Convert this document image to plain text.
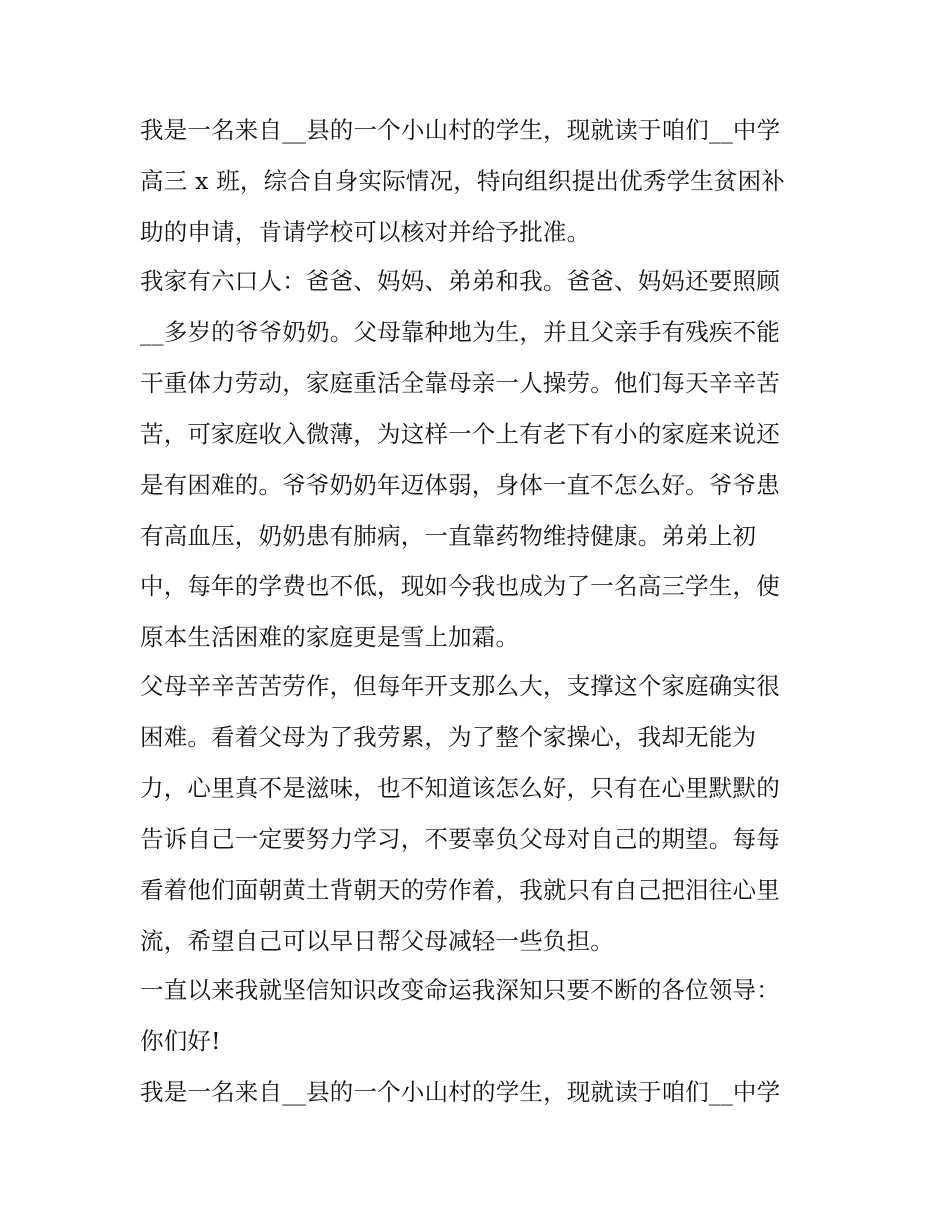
我是一名来自__县的一个小山村的学生，现就读于咱们__中学

高三 x 班，综合自身实际情况，特向组织提出优秀学生贫困补

助的申请，肯请学校可以核对并给予批准。

我家有六口人：爸爸、妈妈、弟弟和我。爸爸、妈妈还要照顾

__多岁的爷爷奶奶。父母靠种地为生，并且父亲手有残疾不能

干重体力劳动，家庭重活全靠母亲一人操劳。他们每天辛辛苦

苦，可家庭收入微薄，为这样一个上有老下有小的家庭来说还

是有困难的。爷爷奶奶年迈体弱，身体一直不怎么好。爷爷患

有高血压，奶奶患有肺病，一直靠药物维持健康。弟弟上初

中，每年的学费也不低，现如今我也成为了一名高三学生，使

原本生活困难的家庭更是雪上加霜。

父母辛辛苦苦劳作，但每年开支那么大，支撑这个家庭确实很

困难。看着父母为了我劳累，为了整个家操心，我却无能为

力，心里真不是滋味，也不知道该怎么好，只有在心里默默的

告诉自己一定要努力学习，不要辜负父母对自己的期望。每每

看着他们面朝黄土背朝天的劳作着，我就只有自己把泪往心里

流，希望自己可以早日帮父母减轻一些负担。

一直以来我就坚信知识改变命运我深知只要不断的各位领导：

你们好!

我是一名来自__县的一个小山村的学生，现就读于咱们__中学
